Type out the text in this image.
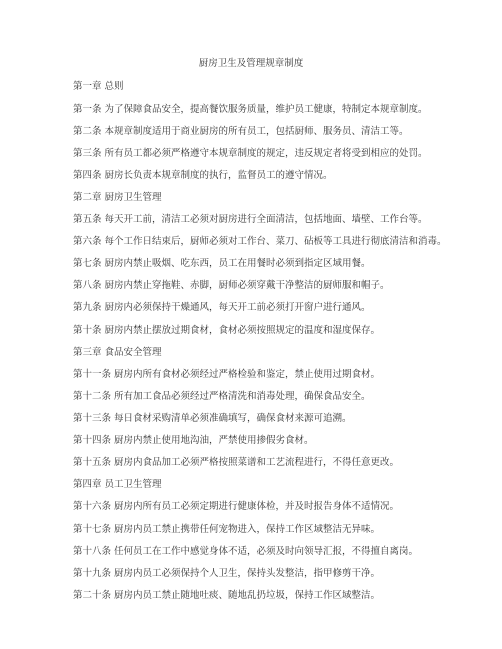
厨房卫生及管理规章制度
第一章 总则
第一条 为了保障食品安全，提高餐饮服务质量，维护员工健康，特制定本规章制度。
第二条 本规章制度适用于商业厨房的所有员工，包括厨师、服务员、清洁工等。
第三条 所有员工都必须严格遵守本规章制度的规定，违反规定者将受到相应的处罚。
第四条 厨房长负责本规章制度的执行，监督员工的遵守情况。
第二章 厨房卫生管理
第五条 每天开工前，清洁工必须对厨房进行全面清洁，包括地面、墙壁、工作台等。
第六条 每个工作日结束后，厨师必须对工作台、菜刀、砧板等工具进行彻底清洁和消毒。
第七条 厨房内禁止吸烟、吃东西，员工在用餐时必须到指定区域用餐。
第八条 厨房内禁止穿拖鞋、赤脚，厨师必须穿戴干净整洁的厨师服和帽子。
第九条 厨房内必须保持干燥通风，每天开工前必须打开窗户进行通风。
第十条 厨房内禁止摆放过期食材，食材必须按照规定的温度和湿度保存。
第三章 食品安全管理
第十一条 厨房内所有食材必须经过严格检验和鉴定，禁止使用过期食材。
第十二条 所有加工食品必须经过严格清洗和消毒处理，确保食品安全。
第十三条 每日食材采购清单必须准确填写，确保食材来源可追溯。
第十四条 厨房内禁止使用地沟油，严禁使用掺假劣食材。
第十五条 厨房内食品加工必须严格按照菜谱和工艺流程进行，不得任意更改。
第四章 员工卫生管理
第十六条 厨房内所有员工必须定期进行健康体检，并及时报告身体不适情况。
第十七条 厨房内员工禁止携带任何宠物进入，保持工作区域整洁无异味。
第十八条 任何员工在工作中感觉身体不适，必须及时向领导汇报，不得擅自离岗。
第十九条 厨房内员工必须保持个人卫生，保持头发整洁，指甲修剪干净。
第二十条 厨房内员工禁止随地吐痰、随地乱扔垃圾，保持工作区域整洁。
